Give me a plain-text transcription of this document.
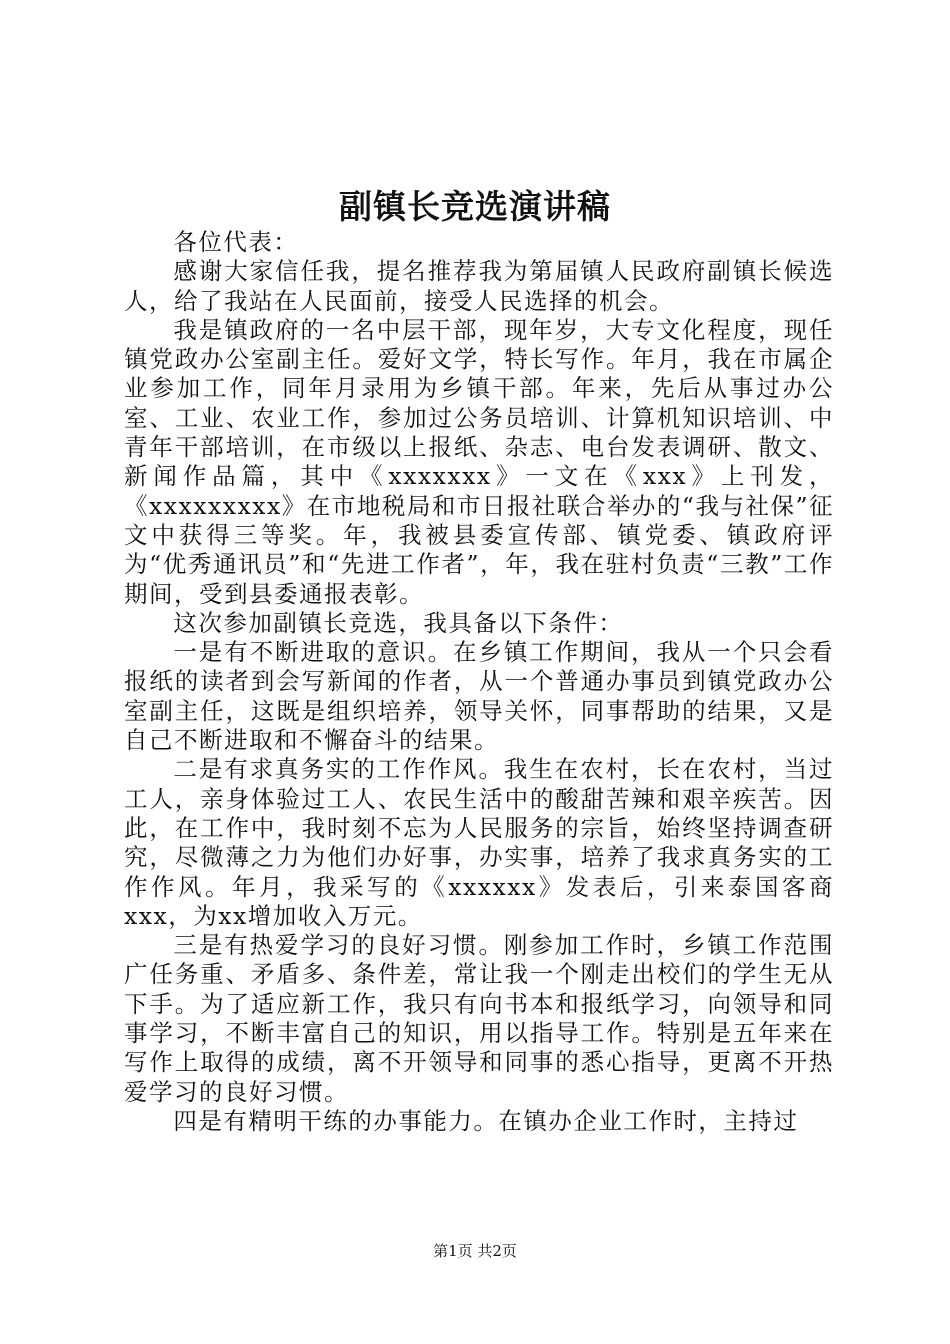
副镇长竞选演讲稿

各位代表：

感谢大家信任我，提名推荐我为第届镇人民政府副镇长候选人，给了我站在人民面前，接受人民选择的机会。

我是镇政府的一名中层干部，现年岁，大专文化程度，现任镇党政办公室副主任。爱好文学，特长写作。年月，我在市属企业参加工作，同年月录用为乡镇干部。年来，先后从事过办公室、工业、农业工作，参加过公务员培训、计算机知识培训、中青年干部培训，在市级以上报纸、杂志、电台发表调研、散文、新闻作品篇，其中《xxxxxxx》一文在《xxx》上刊发，《xxxxxxxxx》在市地税局和市日报社联合举办的“我与社保”征文中获得三等奖。年，我被县委宣传部、镇党委、镇政府评为“优秀通讯员”和“先进工作者”，年，我在驻村负责“三教”工作期间，受到县委通报表彰。

这次参加副镇长竞选，我具备以下条件：

一是有不断进取的意识。在乡镇工作期间，我从一个只会看报纸的读者到会写新闻的作者，从一个普通办事员到镇党政办公室副主任，这既是组织培养，领导关怀，同事帮助的结果，又是自己不断进取和不懈奋斗的结果。

二是有求真务实的工作作风。我生在农村，长在农村，当过工人，亲身体验过工人、农民生活中的酸甜苦辣和艰辛疾苦。因此，在工作中，我时刻不忘为人民服务的宗旨，始终坚持调查研究，尽微薄之力为他们办好事，办实事，培养了我求真务实的工作作风。年月，我采写的《xxxxxx》发表后，引来泰国客商xxx，为xx增加收入万元。

三是有热爱学习的良好习惯。刚参加工作时，乡镇工作范围广任务重、矛盾多、条件差，常让我一个刚走出校们的学生无从下手。为了适应新工作，我只有向书本和报纸学习，向领导和同事学习，不断丰富自己的知识，用以指导工作。特别是五年来在写作上取得的成绩，离不开领导和同事的悉心指导，更离不开热爱学习的良好习惯。

四是有精明干练的办事能力。在镇办企业工作时，主持过

第1页 共2页
